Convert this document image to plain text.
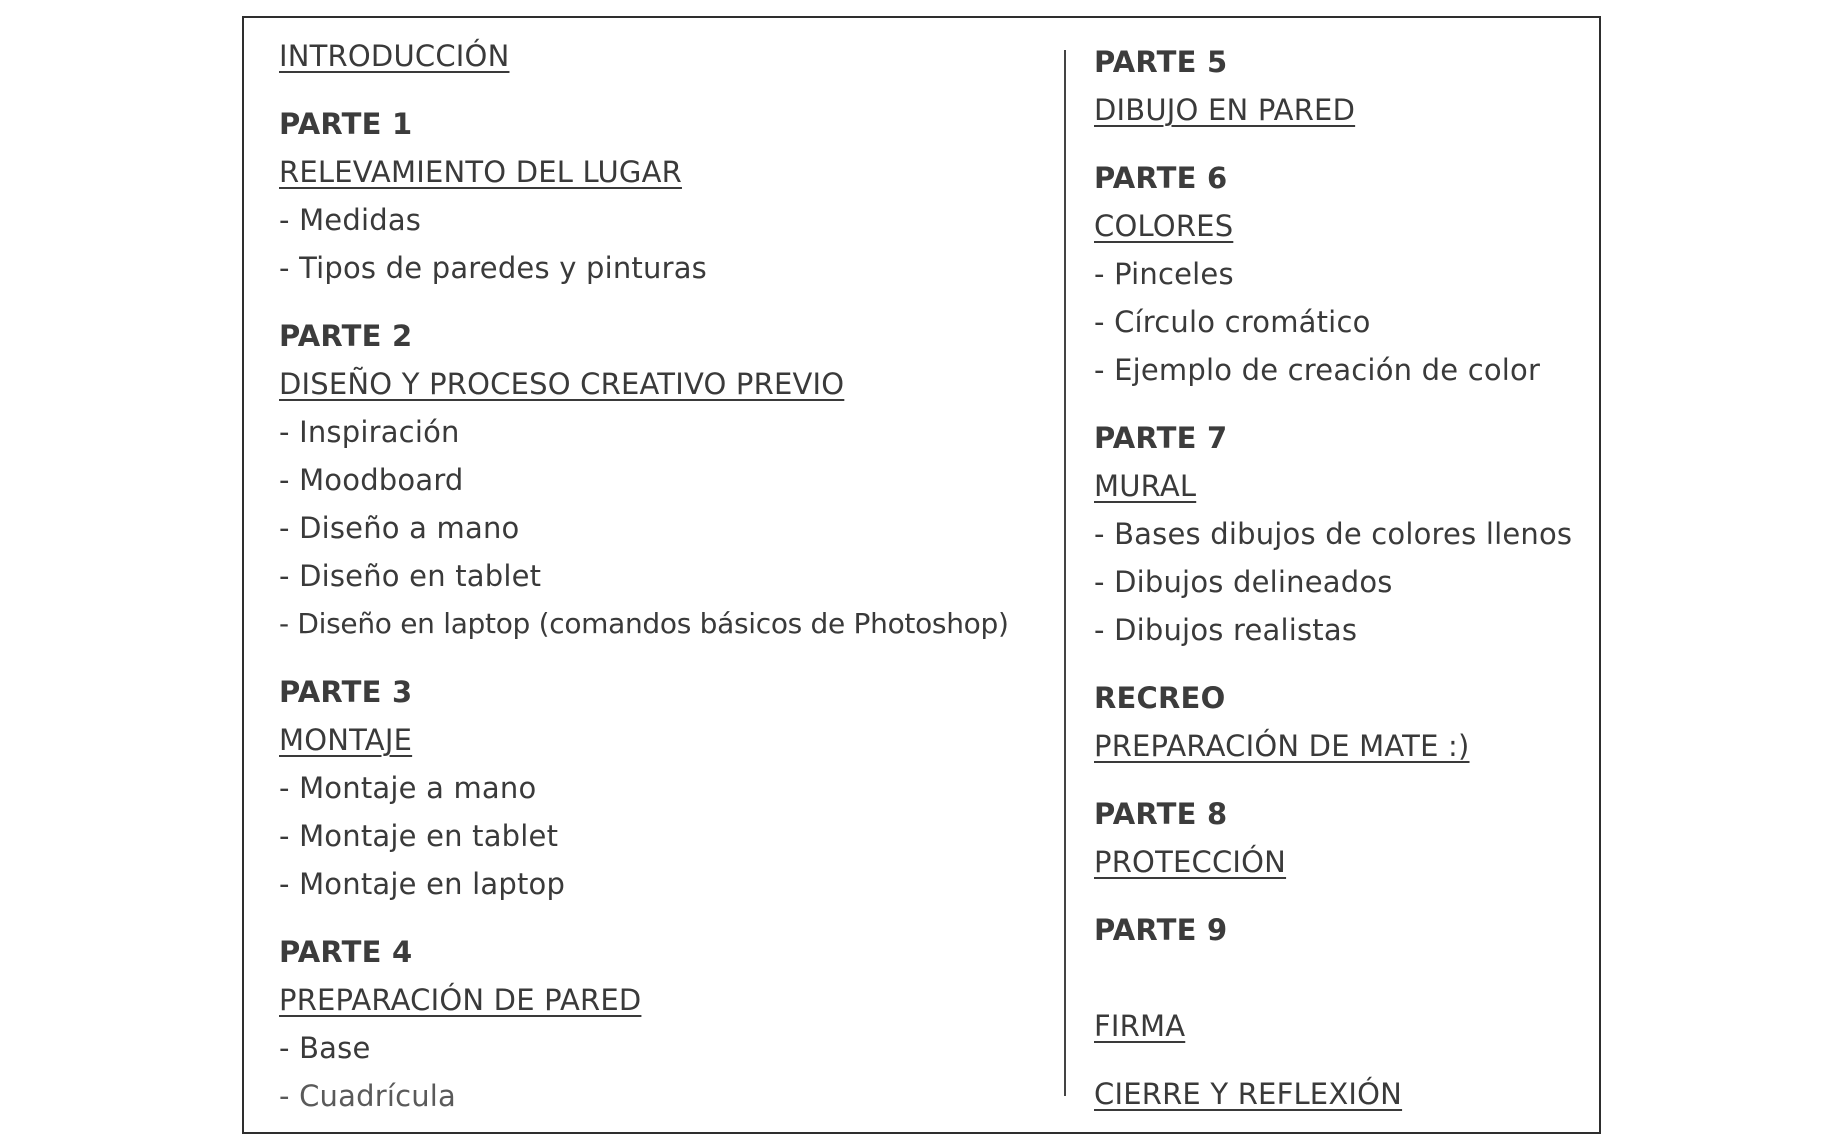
INTRODUCCIÓN
PARTE 1
RELEVAMIENTO DEL LUGAR
- Medidas
- Tipos de paredes y pinturas
PARTE 2
DISEÑO Y PROCESO CREATIVO PREVIO
- Inspiración
- Moodboard
- Diseño a mano
- Diseño en tablet
- Diseño en laptop (comandos básicos de Photoshop)
PARTE 3
MONTAJE
- Montaje a mano
- Montaje en tablet
- Montaje en laptop
PARTE 4
PREPARACIÓN DE PARED
- Base
- Cuadrícula
PARTE 5
DIBUJO EN PARED
PARTE 6
COLORES
- Pinceles
- Círculo cromático
- Ejemplo de creación de color
PARTE 7
MURAL
- Bases dibujos de colores llenos
- Dibujos delineados
- Dibujos realistas
RECREO
PREPARACIÓN DE MATE :)
PARTE 8
PROTECCIÓN
PARTE 9
FIRMA
CIERRE Y REFLEXIÓN
